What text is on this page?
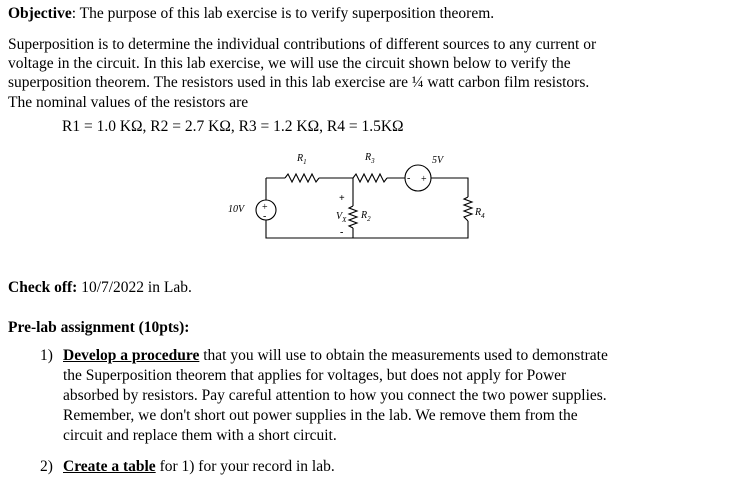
Objective: The purpose of this lab exercise is to verify superposition theorem.
Superposition is to determine the individual contributions of different sources to any current or
voltage in the circuit. In this lab exercise, we will use the circuit shown below to verify the
superposition theorem. The resistors used in this lab exercise are ¼ watt carbon film resistors.
The nominal values of the resistors are
R1 = 1.0 KΩ, R2 = 2.7 KΩ, R3 = 1.2 KΩ, R4 = 1.5KΩ
+
-
- +
$R_1$	$R_3$
$R_2$
$R_4$
10V
5V
$V_X$
+
-
Check off: 10/7/2022 in Lab.
Pre-lab assignment (10pts):
1) Develop a procedure that you will use to obtain the measurements used to demonstrate
the Superposition theorem that applies for voltages, but does not apply for Power
absorbed by resistors. Pay careful attention to how you connect the two power supplies.
Remember, we don't short out power supplies in the lab. We remove them from the
circuit and replace them with a short circuit.
2) Create a table for 1) for your record in lab.
